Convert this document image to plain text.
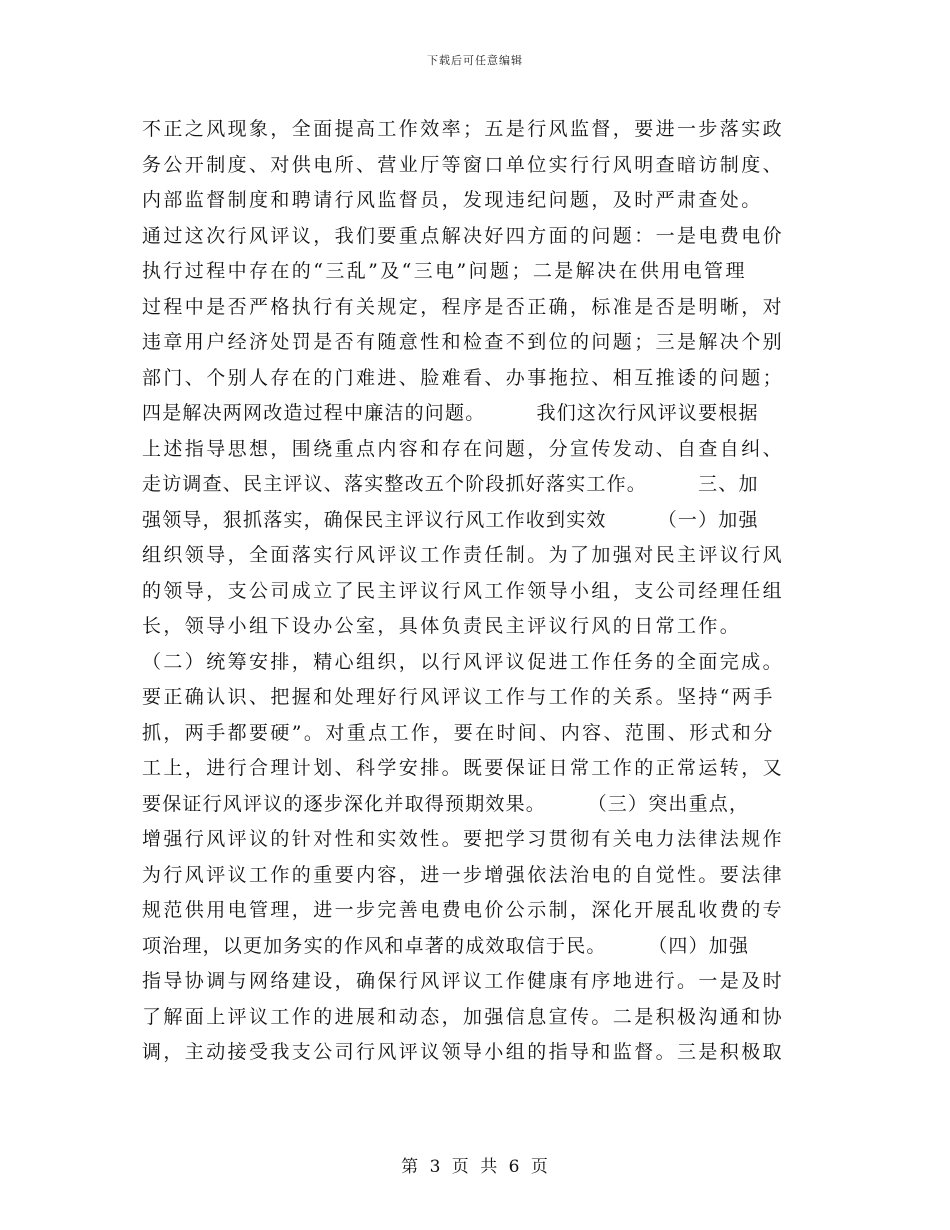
下载后可任意编辑
不正之风现象，全面提高工作效率；五是行风监督，要进一步落实政
务公开制度、对供电所、营业厅等窗口单位实行行风明查暗访制度、
内部监督制度和聘请行风监督员，发现违纪问题，及时严肃查处。
通过这次行风评议，我们要重点解决好四方面的问题：一是电费电价
执行过程中存在的“三乱”及“三电”问题；二是解决在供用电管理
过程中是否严格执行有关规定，程序是否正确，标准是否是明晰，对
违章用户经济处罚是否有随意性和检查不到位的问题；三是解决个别
部门、个别人存在的门难进、脸难看、办事拖拉、相互推诿的问题；
四是解决两网改造过程中廉洁的问题。　　　我们这次行风评议要根据
上述指导思想，围绕重点内容和存在问题，分宣传发动、自查自纠、
走访调查、民主评议、落实整改五个阶段抓好落实工作。　　　三、加
强领导，狠抓落实，确保民主评议行风工作收到实效　　　（一）加强
组织领导，全面落实行风评议工作责任制。为了加强对民主评议行风
的领导，支公司成立了民主评议行风工作领导小组，支公司经理任组
长，领导小组下设办公室，具体负责民主评议行风的日常工作。
（二）统筹安排，精心组织，以行风评议促进工作任务的全面完成。
要正确认识、把握和处理好行风评议工作与工作的关系。坚持“两手
抓，两手都要硬”。对重点工作，要在时间、内容、范围、形式和分
工上，进行合理计划、科学安排。既要保证日常工作的正常运转，又
要保证行风评议的逐步深化并取得预期效果。　　　（三）突出重点，
增强行风评议的针对性和实效性。要把学习贯彻有关电力法律法规作
为行风评议工作的重要内容，进一步增强依法治电的自觉性。要法律
规范供用电管理，进一步完善电费电价公示制，深化开展乱收费的专
项治理，以更加务实的作风和卓著的成效取信于民。　　　（四）加强
指导协调与网络建设，确保行风评议工作健康有序地进行。一是及时
了解面上评议工作的进展和动态，加强信息宣传。二是积极沟通和协
调，主动接受我支公司行风评议领导小组的指导和监督。三是积极取
第 3 页 共 6 页
